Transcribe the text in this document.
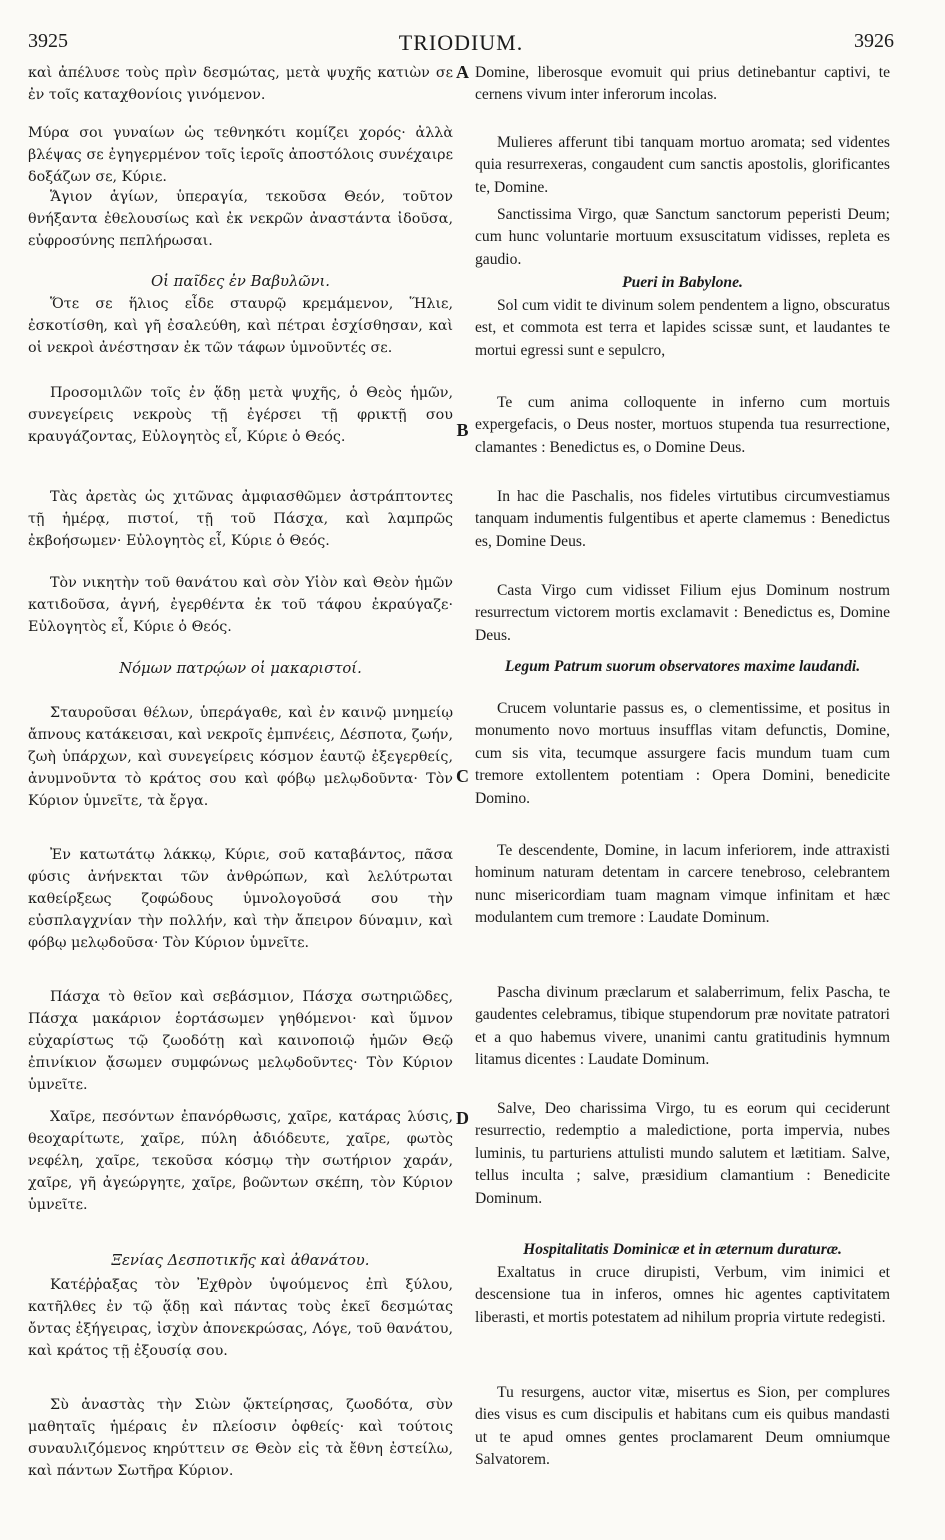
3925	TRIODIUM.	3926

καὶ ἀπέλυσε τοὺς πρὶν δεσμώτας, μετὰ ψυχῆς κατιὼν σε ἐν τοῖς καταχθονίοις γινόμενον.

Μύρα σοι γυναίων ὡς τεθνηκότι κομίζει χορός· ἀλλὰ βλέψας σε ἐγηγερμένον τοῖς ἱεροῖς ἀποστόλοις συνέχαιρε δοξάζων σε, Κύριε.

Ἅγιον ἁγίων, ὑπεραγία, τεκοῦσα Θεόν, τοῦτον θνήξαντα ἐθελουσίως καὶ ἐκ νεκρῶν ἀναστάντα ἰδοῦσα, εὐφροσύνης πεπλήρωσαι.

Οἱ παῖδες ἐν Βαβυλῶνι.

Ὅτε σε ἥλιος εἶδε σταυρῷ κρεμάμενον, Ἥλιε, ἐσκοτίσθη, καὶ γῆ ἐσαλεύθη, καὶ πέτραι ἐσχίσθησαν, καὶ οἱ νεκροὶ ἀνέστησαν ἐκ τῶν τάφων ὑμνοῦντές σε.

Προσομιλῶν τοῖς ἐν ᾅδῃ μετὰ ψυχῆς, ὁ Θεὸς ἡμῶν, συνεγείρεις νεκροὺς τῇ ἐγέρσει τῇ φρικτῇ σου κραυγάζοντας, Εὐλογητὸς εἶ, Κύριε ὁ Θεός.

Τὰς ἀρετὰς ὡς χιτῶνας ἀμφιασθῶμεν ἀστράπτοντες τῇ ἡμέρᾳ, πιστοί, τῇ τοῦ Πάσχα, καὶ λαμπρῶς ἐκβοήσωμεν· Εὐλογητὸς εἶ, Κύριε ὁ Θεός.

Τὸν νικητὴν τοῦ θανάτου καὶ σὸν Υἱὸν καὶ Θεὸν ἡμῶν κατιδοῦσα, ἁγνή, ἐγερθέντα ἐκ τοῦ τάφου ἐκραύγαζε· Εὐλογητὸς εἶ, Κύριε ὁ Θεός.

Νόμων πατρῴων οἱ μακαριστοί.

Σταυροῦσαι θέλων, ὑπεράγαθε, καὶ ἐν καινῷ μνημείῳ ἄπνους κατάκεισαι, καὶ νεκροῖς ἐμπνέεις, Δέσποτα, ζωήν, ζωὴ ὑπάρχων, καὶ συνεγείρεις κόσμον ἑαυτῷ ἐξεγερθείς, ἀνυμνοῦντα τὸ κράτος σου καὶ φόβῳ μελῳδοῦντα· Τὸν Κύριον ὑμνεῖτε, τὰ ἔργα.

Ἐν κατωτάτῳ λάκκῳ, Κύριε, σοῦ καταβάντος, πᾶσα φύσις ἀνήνεκται τῶν ἀνθρώπων, καὶ λελύτρωται καθείρξεως ζοφώδους ὑμνολογοῦσά σου τὴν εὐσπλαγχνίαν τὴν πολλήν, καὶ τὴν ἄπειρον δύναμιν, καὶ φόβῳ μελῳδοῦσα· Τὸν Κύριον ὑμνεῖτε.

Πάσχα τὸ θεῖον καὶ σεβάσμιον, Πάσχα σωτηριῶδες, Πάσχα μακάριον ἑορτάσωμεν γηθόμενοι· καὶ ὕμνον εὐχαρίστως τῷ ζωοδότῃ καὶ καινοποιῷ ἡμῶν Θεῷ ἐπινίκιον ᾄσωμεν συμφώνως μελῳδοῦντες· Τὸν Κύριον ὑμνεῖτε.

Χαῖρε, πεσόντων ἐπανόρθωσις, χαῖρε, κατάρας λύσις, θεοχαρίτωτε, χαῖρε, πύλη ἀδιόδευτε, χαῖρε, φωτὸς νεφέλη, χαῖρε, τεκοῦσα κόσμῳ τὴν σωτήριον χαράν, χαῖρε, γῆ ἀγεώργητε, χαῖρε, βοῶντων σκέπη, τὸν Κύριον ὑμνεῖτε.

Ξενίας Δεσποτικῆς καὶ ἀθανάτου.

Κατέῤῥαξας τὸν Ἐχθρὸν ὑψούμενος ἐπὶ ξύλου, κατῆλθες ἐν τῷ ᾅδῃ καὶ πάντας τοὺς ἐκεῖ δεσμώτας ὄντας ἐξήγειρας, ἰσχὺν ἀπονεκρώσας, Λόγε, τοῦ θανάτου, καὶ κράτος τῇ ἐξουσίᾳ σου.

Σὺ ἀναστὰς τὴν Σιὼν ᾤκτείρησας, ζωοδότα, σὺν μαθηταῖς ἡμέραις ἐν πλείοσιν ὀφθείς· καὶ τούτοις συναυλιζόμενος κηρύττειν σε Θεὸν εἰς τὰ ἔθνη ἐστείλω, καὶ πάντων Σωτῆρα Κύριον.

A
B
C
D

Domine, liberosque evomuit qui prius detinebantur captivi, te cernens vivum inter inferorum incolas.

Mulieres afferunt tibi tanquam mortuo aromata; sed videntes quia resurrexeras, congaudent cum sanctis apostolis, glorificantes te, Domine.

Sanctissima Virgo, quæ Sanctum sanctorum peperisti Deum; cum hunc voluntarie mortuum exsuscitatum vidisses, repleta es gaudio.

Pueri in Babylone.

Sol cum vidit te divinum solem pendentem a ligno, obscuratus est, et commota est terra et lapides scissæ sunt, et laudantes te mortui egressi sunt e sepulcro,

Te cum anima colloquente in inferno cum mortuis expergefacis, o Deus noster, mortuos stupenda tua resurrectione, clamantes : Benedictus es, o Domine Deus.

In hac die Paschalis, nos fideles virtutibus circumvestiamus tanquam indumentis fulgentibus et aperte clamemus : Benedictus es, Domine Deus.

Casta Virgo cum vidisset Filium ejus Dominum nostrum resurrectum victorem mortis exclamavit : Benedictus es, Domine Deus.

Legum Patrum suorum observatores maxime laudandi.

Crucem voluntarie passus es, o clementissime, et positus in monumento novo mortuus insufflas vitam defunctis, Domine, cum sis vita, tecumque assurgere facis mundum tuam cum tremore extollentem potentiam : Opera Domini, benedicite Domino.

Te descendente, Domine, in lacum inferiorem, inde attraxisti hominum naturam detentam in carcere tenebroso, celebrantem nunc misericordiam tuam magnam vimque infinitam et hæc modulantem cum tremore : Laudate Dominum.

Pascha divinum præclarum et salaberrimum, felix Pascha, te gaudentes celebramus, tibique stupendorum præ novitate patratori et a quo habemus vivere, unanimi cantu gratitudinis hymnum litamus dicentes : Laudate Dominum.

Salve, Deo charissima Virgo, tu es eorum qui ceciderunt resurrectio, redemptio a maledictione, porta impervia, nubes luminis, tu parturiens attulisti mundo salutem et lætitiam. Salve, tellus inculta ; salve, præsidium clamantium : Benedicite Dominum.

Hospitalitatis Dominicæ et in æternum duraturæ.

Exaltatus in cruce dirupisti, Verbum, vim inimici et descensione tua in inferos, omnes hic agentes captivitatem liberasti, et mortis potestatem ad nihilum propria virtute redegisti.

Tu resurgens, auctor vitæ, misertus es Sion, per complures dies visus es cum discipulis et habitans cum eis quibus mandasti ut te apud omnes gentes proclamarent Deum omniumque Salvatorem.
